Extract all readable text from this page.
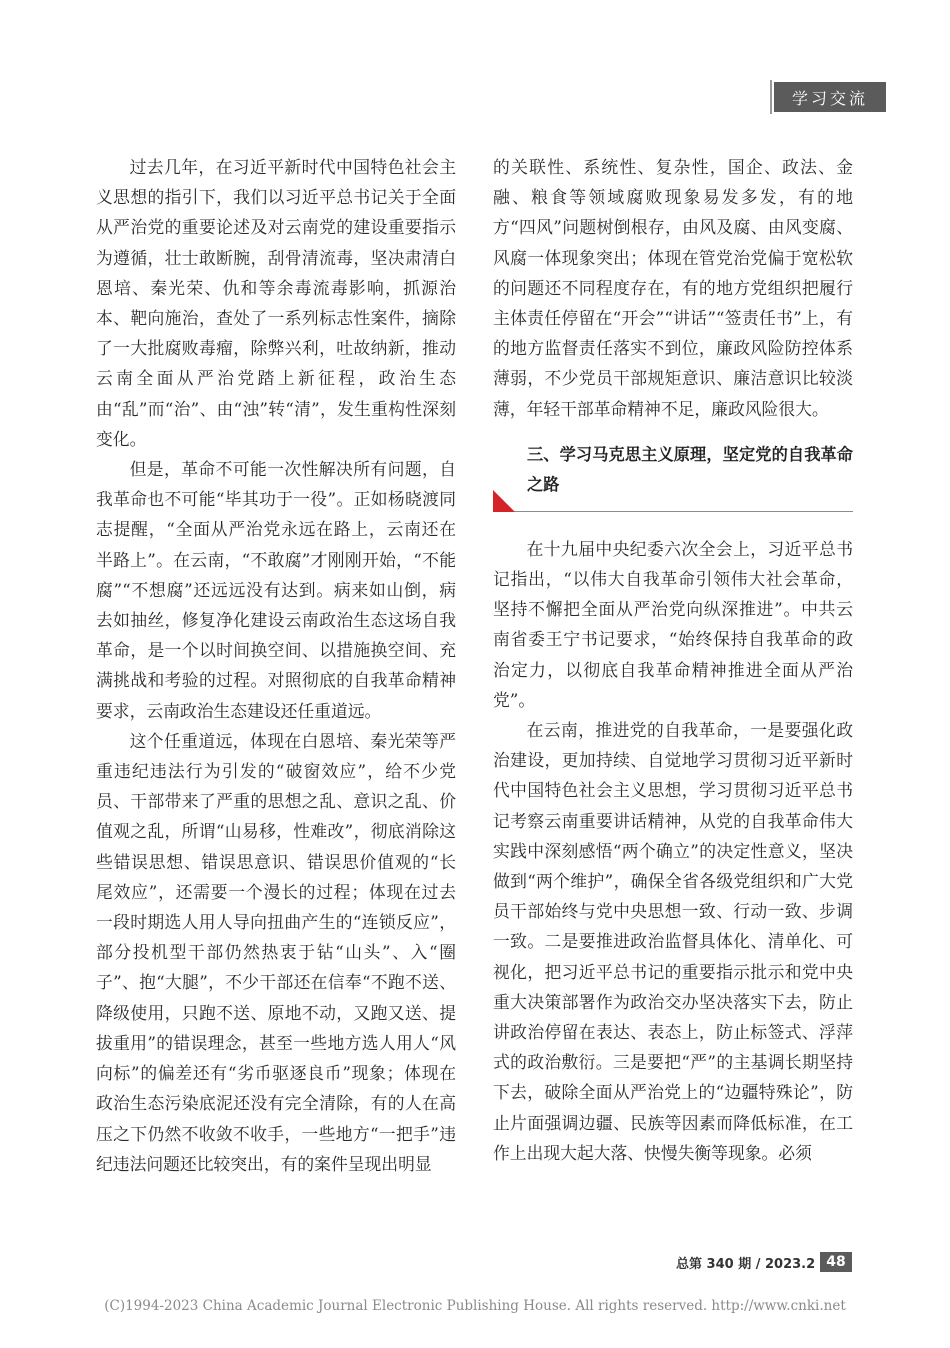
学习交流

过去几年，在习近平新时代中国特色社会主义思想的指引下，我们以习近平总书记关于全面从严治党的重要论述及对云南党的建设重要指示为遵循，壮士敢断腕，刮骨清流毒，坚决肃清白恩培、秦光荣、仇和等余毒流毒影响，抓源治本、靶向施治，查处了一系列标志性案件，摘除了一大批腐败毒瘤，除弊兴利，吐故纳新，推动云南全面从严治党踏上新征程，政治生态由“乱”而“治”、由“浊”转“清”，发生重构性深刻变化。

但是，革命不可能一次性解决所有问题，自我革命也不可能“毕其功于一役”。正如杨晓渡同志提醒，“全面从严治党永远在路上，云南还在半路上”。在云南，“不敢腐”才刚刚开始，“不能腐”“不想腐”还远远没有达到。病来如山倒，病去如抽丝，修复净化建设云南政治生态这场自我革命，是一个以时间换空间、以措施换空间、充满挑战和考验的过程。对照彻底的自我革命精神要求，云南政治生态建设还任重道远。

这个任重道远，体现在白恩培、秦光荣等严重违纪违法行为引发的“破窗效应”，给不少党员、干部带来了严重的思想之乱、意识之乱、价值观之乱，所谓“山易移，性难改”，彻底消除这些错误思想、错误思意识、错误思价值观的“长尾效应”，还需要一个漫长的过程；体现在过去一段时期选人用人导向扭曲产生的“连锁反应”，部分投机型干部仍然热衷于钻“山头”、入“圈子”、抱“大腿”，不少干部还在信奉“不跑不送、降级使用，只跑不送、原地不动，又跑又送、提拔重用”的错误理念，甚至一些地方选人用人“风向标”的偏差还有“劣币驱逐良币”现象；体现在政治生态污染底泥还没有完全清除，有的人在高压之下仍然不收敛不收手，一些地方“一把手”违纪违法问题还比较突出，有的案件呈现出明显

的关联性、系统性、复杂性，国企、政法、金融、粮食等领域腐败现象易发多发，有的地方“四风”问题树倒根存，由风及腐、由风变腐、风腐一体现象突出；体现在管党治党偏于宽松软的问题还不同程度存在，有的地方党组织把履行主体责任停留在“开会”“讲话”“签责任书”上，有的地方监督责任落实不到位，廉政风险防控体系薄弱，不少党员干部规矩意识、廉洁意识比较淡薄，年轻干部革命精神不足，廉政风险很大。

三、学习马克思主义原理，坚定党的自我革命之路

在十九届中央纪委六次全会上，习近平总书记指出，“以伟大自我革命引领伟大社会革命，坚持不懈把全面从严治党向纵深推进”。中共云南省委王宁书记要求，“始终保持自我革命的政治定力，以彻底自我革命精神推进全面从严治党”。

在云南，推进党的自我革命，一是要强化政治建设，更加持续、自觉地学习贯彻习近平新时代中国特色社会主义思想，学习贯彻习近平总书记考察云南重要讲话精神，从党的自我革命伟大实践中深刻感悟“两个确立”的决定性意义，坚决做到“两个维护”，确保全省各级党组织和广大党员干部始终与党中央思想一致、行动一致、步调一致。二是要推进政治监督具体化、清单化、可视化，把习近平总书记的重要指示批示和党中央重大决策部署作为政治交办坚决落实下去，防止讲政治停留在表达、表态上，防止标签式、浮萍式的政治敷衍。三是要把“严”的主基调长期坚持下去，破除全面从严治党上的“边疆特殊论”，防止片面强调边疆、民族等因素而降低标准，在工作上出现大起大落、快慢失衡等现象。必须

总第 340 期 / 2023.2 48
(C)1994-2023 China Academic Journal Electronic Publishing House. All rights reserved. http://www.cnki.net
